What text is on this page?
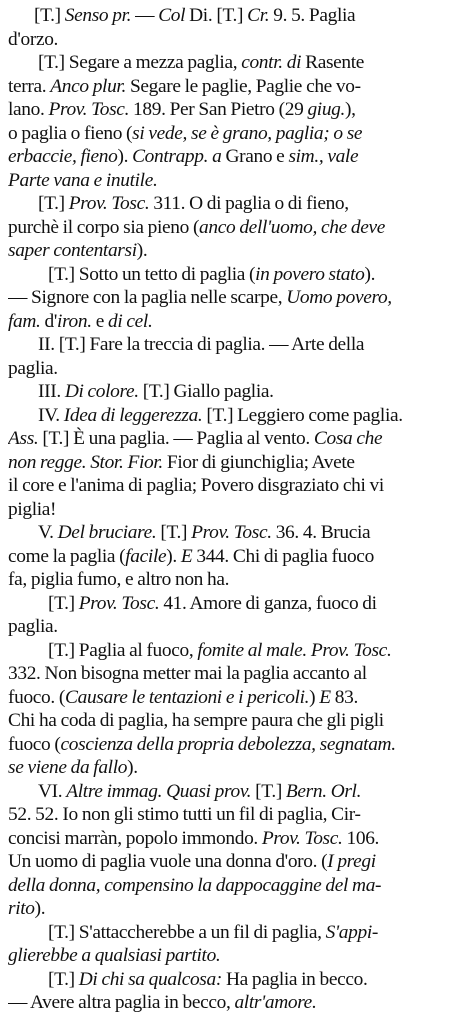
[T.] Senso pr. — Col Di. [T.] Cr. 9. 5. Paglia
d'orzo.
[T.] Segare a mezza paglia, contr. di Rasente
terra. Anco plur. Segare le paglie, Paglie che vo-
lano. Prov. Tosc. 189. Per San Pietro (29 giug.),
o paglia o fieno (si vede, se è grano, paglia; o se
erbaccie, fieno). Contrapp. a Grano e sim., vale
Parte vana e inutile.
[T.] Prov. Tosc. 311. O di paglia o di fieno,
purchè il corpo sia pieno (anco dell'uomo, che deve
saper contentarsi).
[T.] Sotto un tetto di paglia (in povero stato).
— Signore con la paglia nelle scarpe, Uomo povero,
fam. d'iron. e di cel.
II. [T.] Fare la treccia di paglia. — Arte della
paglia.
III. Di colore. [T.] Giallo paglia.
IV. Idea di leggerezza. [T.] Leggiero come paglia.
Ass. [T.] È una paglia. — Paglia al vento. Cosa che
non regge. Stor. Fior. Fior di giunchiglia; Avete
il core e l'anima di paglia; Povero disgraziato chi vi
piglia!
V. Del bruciare. [T.] Prov. Tosc. 36. 4. Brucia
come la paglia (facile). E 344. Chi di paglia fuoco
fa, piglia fumo, e altro non ha.
[T.] Prov. Tosc. 41. Amore di ganza, fuoco di
paglia.
[T.] Paglia al fuoco, fomite al male. Prov. Tosc.
332. Non bisogna metter mai la paglia accanto al
fuoco. (Causare le tentazioni e i pericoli.) E 83.
Chi ha coda di paglia, ha sempre paura che gli pigli
fuoco (coscienza della propria debolezza, segnatam.
se viene da fallo).
VI. Altre immag. Quasi prov. [T.] Bern. Orl.
52. 52. Io non gli stimo tutti un fil di paglia, Cir-
concisi marràn, popolo immondo. Prov. Tosc. 106.
Un uomo di paglia vuole una donna d'oro. (I pregi
della donna, compensino la dappocaggine del ma-
rito).
[T.] S'attaccherebbe a un fil di paglia, S'appi-
glierebbe a qualsiasi partito.
[T.] Di chi sa qualcosa: Ha paglia in becco.
— Avere altra paglia in becco, altr'amore.
